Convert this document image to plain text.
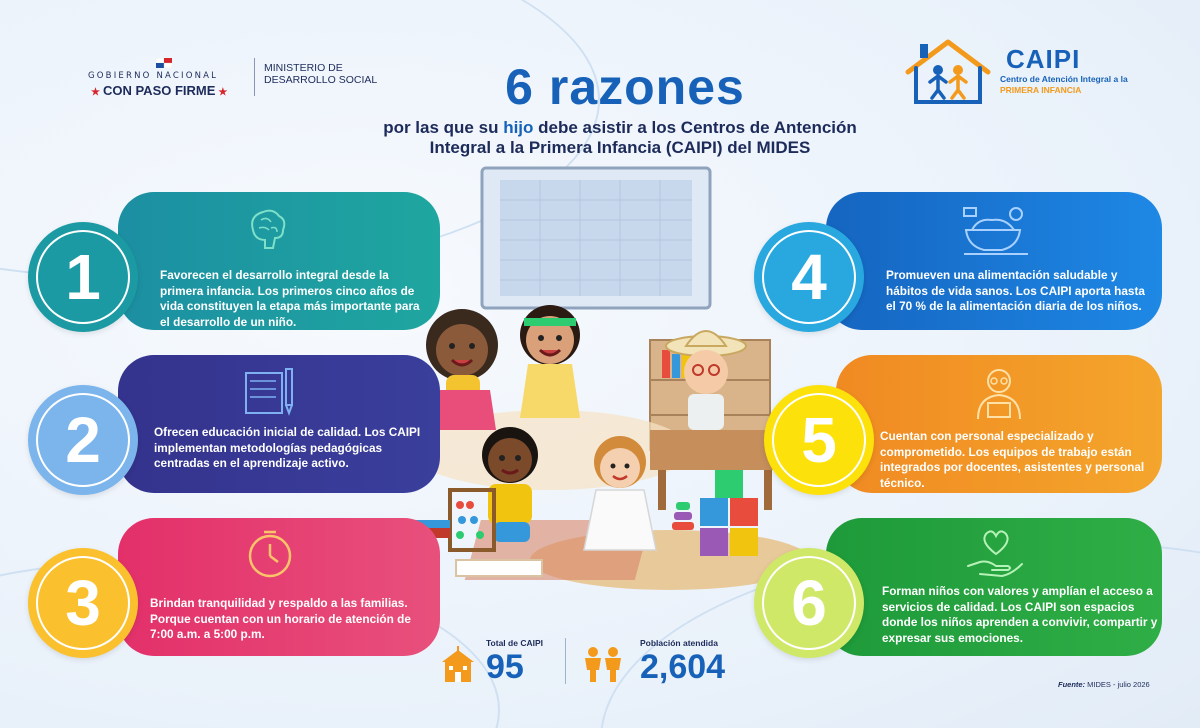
GOBIERNO NACIONAL
★ CON PASO FIRME ★
MINISTERIO DE
DESARROLLO SOCIAL	6 razones
por las que su hijo debe asistir a los Centros de Antención
Integral a la Primera Infancia (CAIPI) del MIDES
CAIPI
Centro de Atención Integral a la
PRIMERA INFANCIA
Favorecen el desarrollo integral desde la primera infancia. Los primeros cinco años de vida constituyen la etapa más importante para el desarrollo de un niño.
1
Ofrecen educación inicial de calidad. Los CAIPI implementan metodologías pedagógicas centradas en el aprendizaje activo.
2
Brindan tranquilidad y respaldo a las familias. Porque cuentan con un horario de atención de 7:00 a.m. a 5:00 p.m.
3
Promueven una alimentación saludable y hábitos de vida sanos. Los CAIPI aporta hasta el 70 % de la alimentación diaria de los niños.
4
Cuentan con personal especializado y comprometido. Los equipos de trabajo están integrados por docentes, asistentes y personal técnico.
5
Forman niños con valores y amplían el acceso a servicios de calidad. Los CAIPI son espacios donde los niños aprenden a convivir, compartir y expresar sus emociones.
6
Total de CAIPI
95
Población atendida
2,604	Fuente: MIDES - julio 2026
